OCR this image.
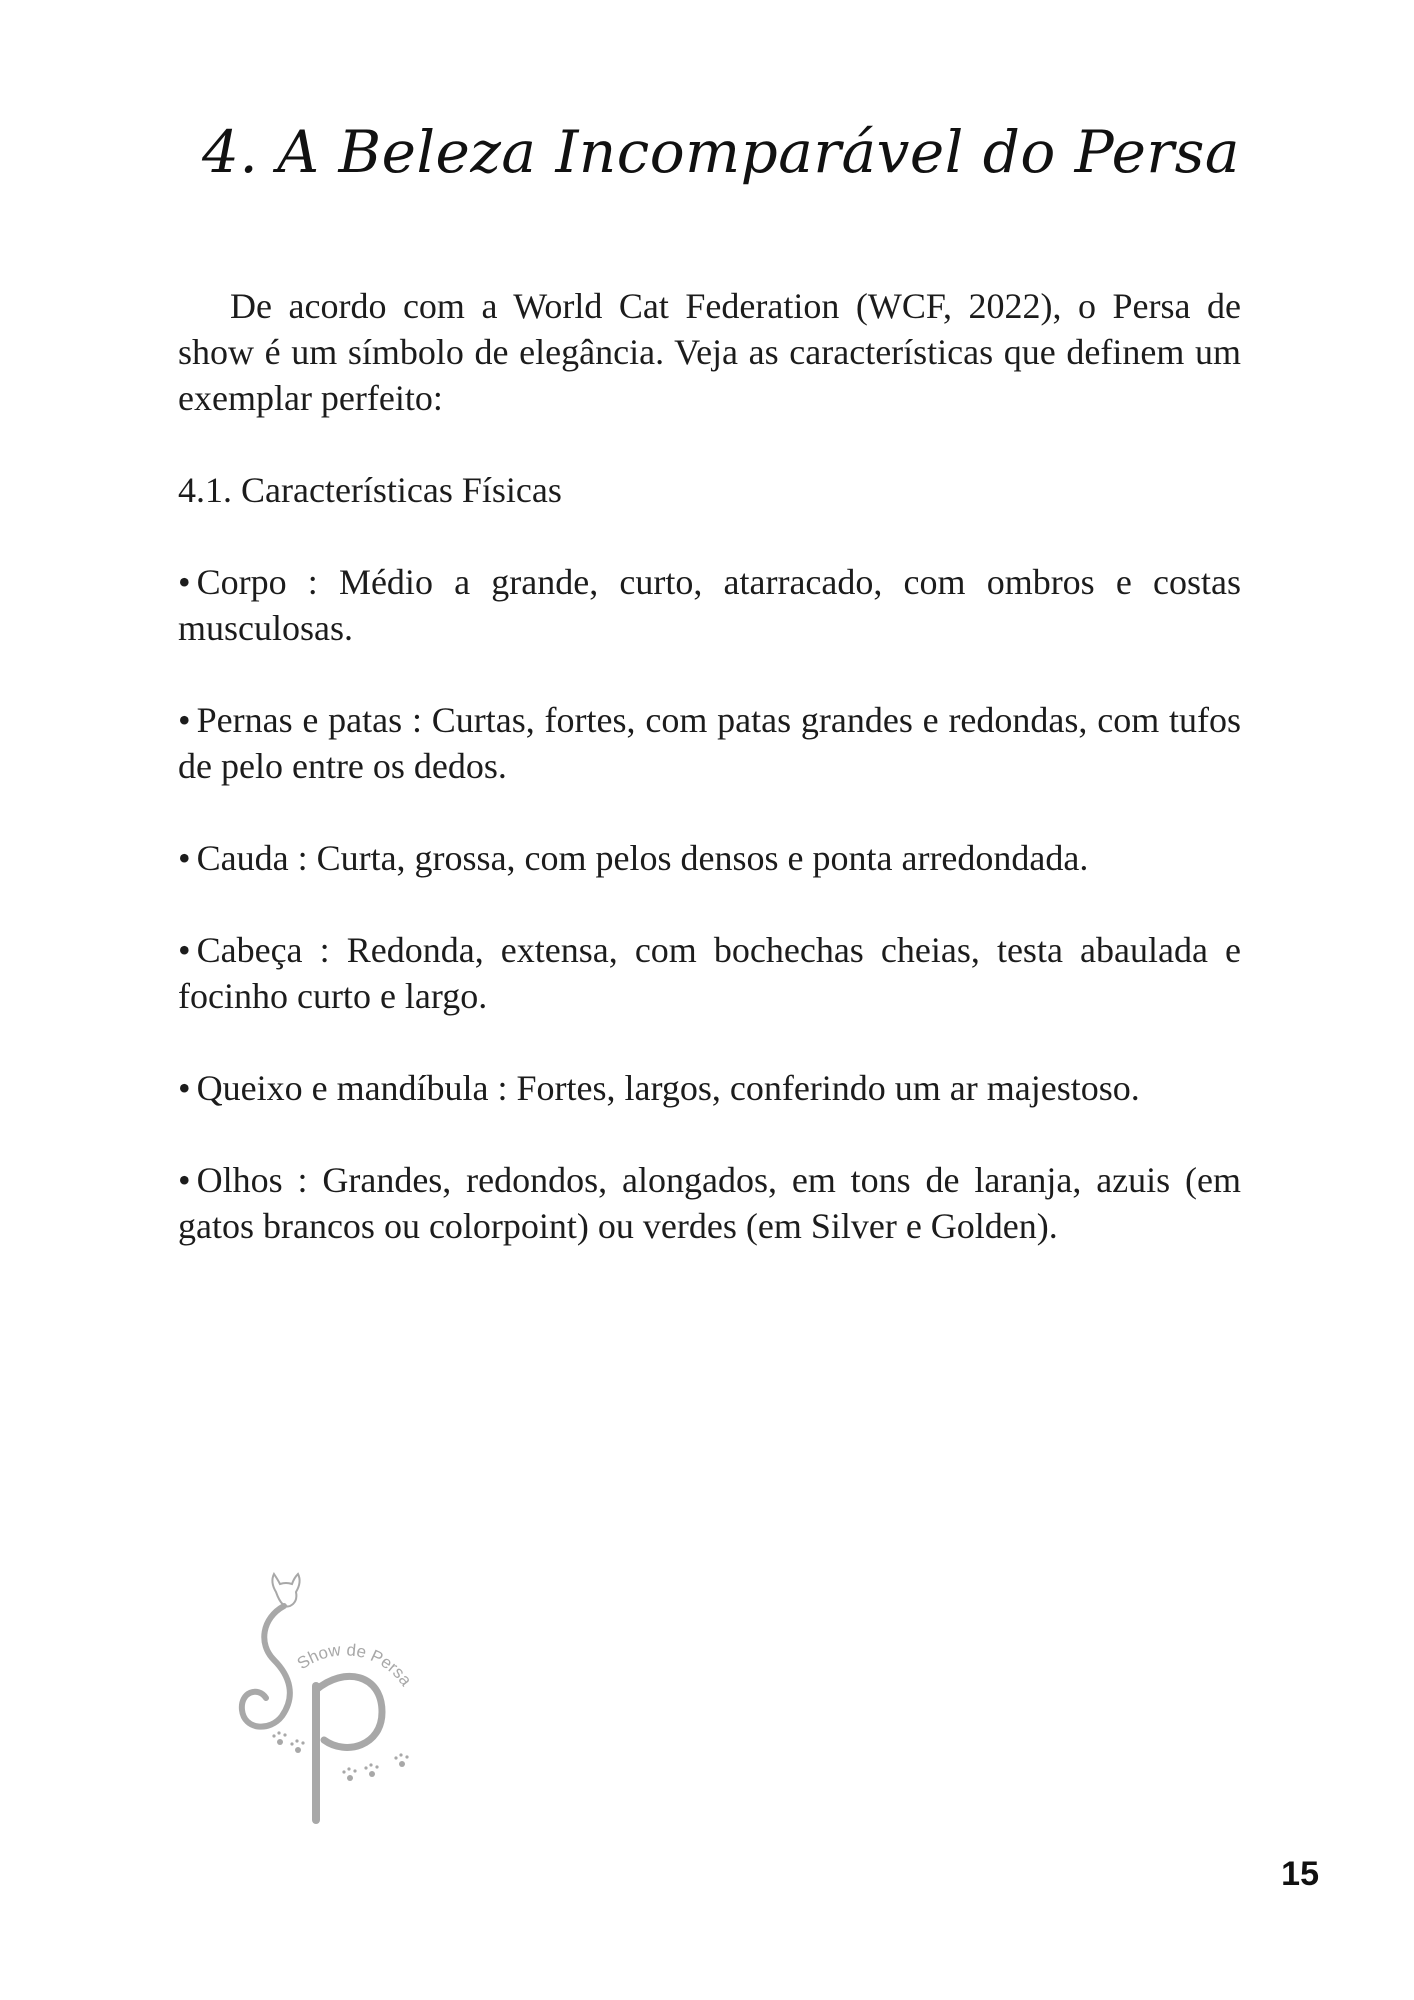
4. A Beleza Incomparável do Persa

De acordo com a World Cat Federation (WCF, 2022), o Persa de show é um símbolo de elegância. Veja as características que definem um exemplar perfeito:

4.1. Características Físicas

• Corpo : Médio a grande, curto, atarracado, com ombros e costas musculosas.

• Pernas e patas : Curtas, fortes, com patas grandes e redondas, com tufos de pelo entre os dedos.

• Cauda : Curta, grossa, com pelos densos e ponta arredondada.

• Cabeça : Redonda, extensa, com bochechas cheias, testa abaulada e focinho curto e largo.

• Queixo e mandíbula : Fortes, largos, conferindo um ar majestoso.

• Olhos : Grandes, redondos, alongados, em tons de laranja, azuis (em gatos brancos ou colorpoint) ou verdes (em Silver e Golden).

Show de Persa
15
